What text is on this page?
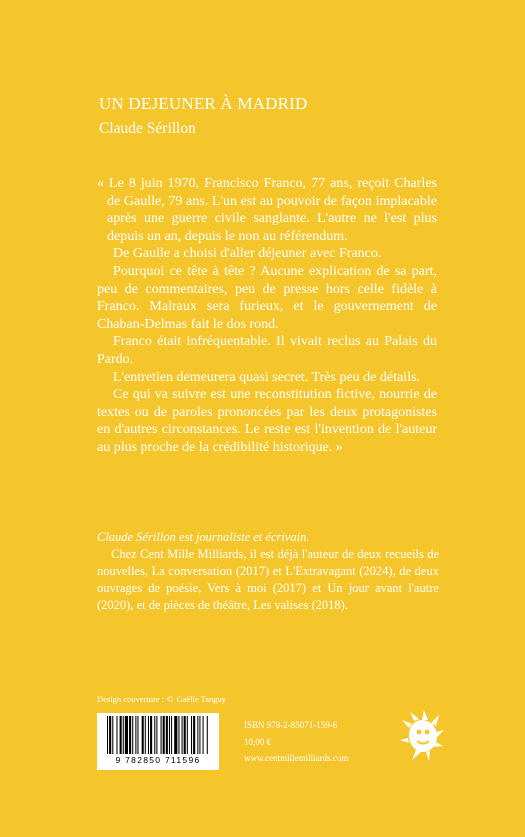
UN DEJEUNER À MADRID
Claude Sérillon

« Le 8 juin 1970, Francisco Franco, 77 ans, reçoit Charles de Gaulle, 79 ans. L'un est au pouvoir de façon implacable après une guerre civile sanglante. L'autre ne l'est plus depuis un an, depuis le non au référendum.

De Gaulle a choisi d'aller déjeuner avec Franco.

Pourquoi ce tête à tête ? Aucune explication de sa part, peu de commentaires, peu de presse hors celle fidèle à Franco. Malraux sera furieux, et le gouvernement de Chaban-Delmas fait le dos rond.

Franco était infréquentable. Il vivait reclus au Palais du Pardo.

L'entretien demeurera quasi secret. Très peu de détails.

Ce qui va suivre est une reconstitution fictive, nourrie de textes ou de paroles prononcées par les deux protagonistes en d'autres circonstances. Le reste est l'invention de l'auteur au plus proche de la crédibilité historique. »

Claude Sérillon est journaliste et écrivain.

Chez Cent Mille Milliards, il est déjà l'auteur de deux recueils de nouvelles, La conversation (2017) et L'Extravagant (2024), de deux ouvrages de poésie, Vers à moi (2017) et Un jour avant l'autre (2020), et de pièces de théâtre, Les valises (2018).

Design couverture : © Gaëlle Tanguy
9 782850 711596
ISBN 978-2-85071-159-6
10,00 €
www.centmillemilliards.com
